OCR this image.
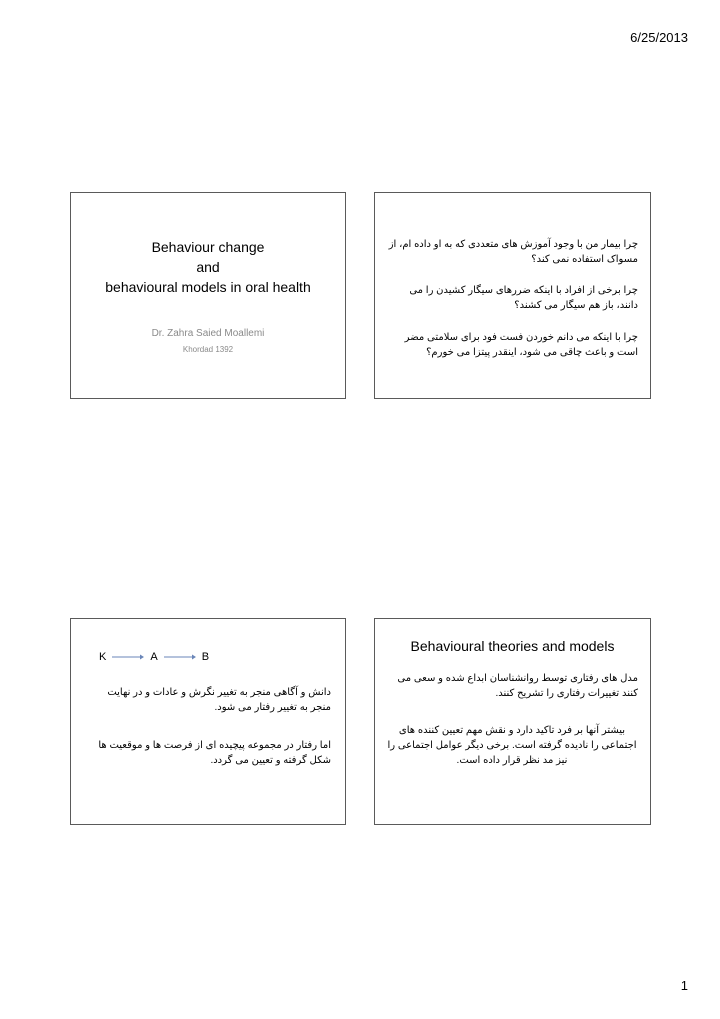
6/25/2013
Behaviour change
and
behavioural models in oral health
Dr. Zahra Saied Moallemi
Khordad 1392
چرا بیمار من با وجود آموزش های متعددی که به او داده ام، از مسواک استفاده نمی کند؟
چرا برخی از افراد با اینکه ضررهای سیگار کشیدن را می دانند، باز هم سیگار می کشند؟
چرا با اینکه می دانم خوردن فست فود برای سلامتی مضر است و باعث چاقی می شود، اینقدر پیتزا می خورم؟
K	A	B
دانش و آگاهی منجر به تغییر نگرش و عادات و در نهایت منجر به تغییر رفتار می شود.
اما رفتار در مجموعه پیچیده ای از فرصت ها و موقعیت ها شکل گرفته و تعیین می گردد.
Behavioural theories and models
مدل های رفتاری توسط روانشناسان ابداع شده و سعی می کنند تغییرات رفتاری را تشریح کنند.
بیشتر آنها بر فرد تاکید دارد و نقش مهم تعیین کننده های اجتماعی را نادیده گرفته است. برخی دیگر عوامل اجتماعی را نیز مد نظر قرار داده است.
1
